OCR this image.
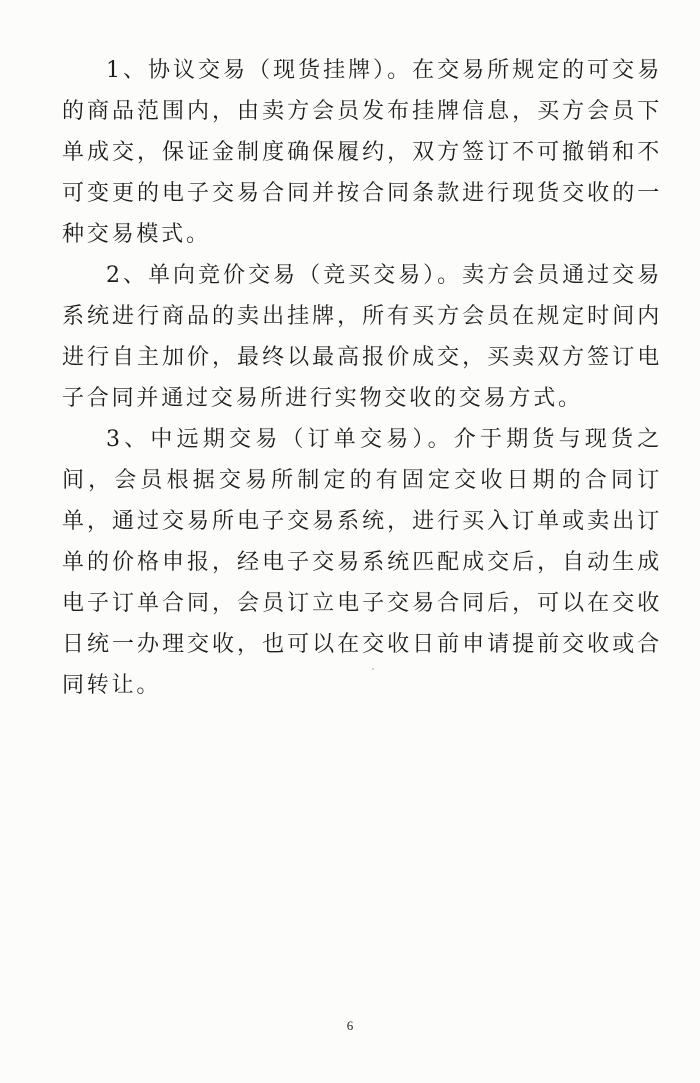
1、协议交易（现货挂牌）。在交易所规定的可交易的商品范围内，由卖方会员发布挂牌信息，买方会员下单成交，保证金制度确保履约，双方签订不可撤销和不可变更的电子交易合同并按合同条款进行现货交收的一种交易模式。

2、单向竞价交易（竞买交易）。卖方会员通过交易系统进行商品的卖出挂牌，所有买方会员在规定时间内进行自主加价，最终以最高报价成交，买卖双方签订电子合同并通过交易所进行实物交收的交易方式。

3、中远期交易（订单交易）。介于期货与现货之间，会员根据交易所制定的有固定交收日期的合同订单，通过交易所电子交易系统，进行买入订单或卖出订单的价格申报，经电子交易系统匹配成交后，自动生成电子订单合同，会员订立电子交易合同后，可以在交收日统一办理交收，也可以在交收日前申请提前交收或合同转让。

6
